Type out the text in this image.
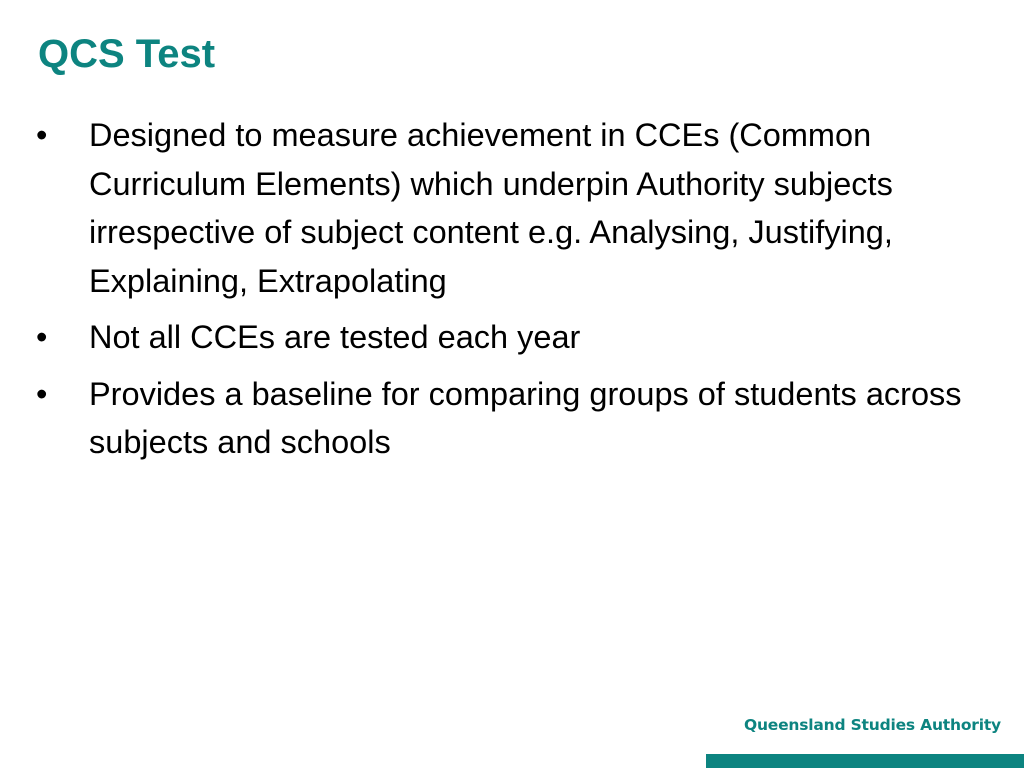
QCS Test
• Designed to measure achievement in CCEs (Common Curriculum Elements) which underpin Authority subjects irrespective of subject content e.g. Analysing, Justifying, Explaining, Extrapolating
• Not all CCEs are tested each year
• Provides a baseline for comparing groups of students across subjects and schools
Queensland Studies Authority
